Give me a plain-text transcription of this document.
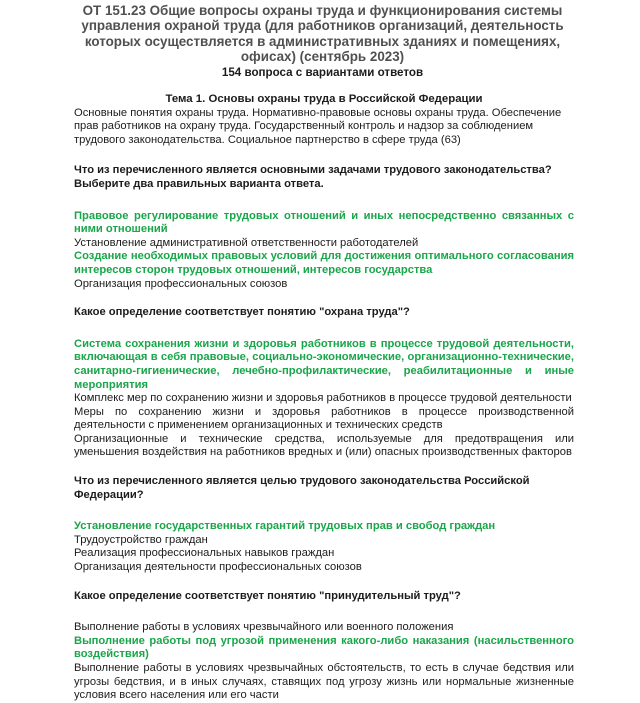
ОТ 151.23 Общие вопросы охраны труда и функционирования системы управления охраной труда (для работников организаций, деятельность которых осуществляется в административных зданиях и помещениях, офисах) (сентябрь 2023)
154 вопроса с вариантами ответов
Тема 1. Основы охраны труда в Российской Федерации
Основные понятия охраны труда. Нормативно-правовые основы охраны труда. Обеспечение прав работников на охрану труда. Государственный контроль и надзор за соблюдением трудового законодательства. Социальное партнерство в сфере труда (63)
Что из перечисленного является основными задачами трудового законодательства? Выберите два правильных варианта ответа.
Правовое регулирование трудовых отношений и иных непосредственно связанных с ними отношений
Установление административной ответственности работодателей
Создание необходимых правовых условий для достижения оптимального согласования интересов сторон трудовых отношений, интересов государства
Организация профессиональных союзов
Какое определение соответствует понятию "охрана труда"?
Система сохранения жизни и здоровья работников в процессе трудовой деятельности, включающая в себя правовые, социально-экономические, организационно-технические, санитарно-гигиенические, лечебно-профилактические, реабилитационные и иные мероприятия
Комплекс мер по сохранению жизни и здоровья работников в процессе трудовой деятельности
Меры по сохранению жизни и здоровья работников в процессе производственной деятельности с применением организационных и технических средств
Организационные и технические средства, используемые для предотвращения или уменьшения воздействия на работников вредных и (или) опасных производственных факторов
Что из перечисленного является целью трудового законодательства Российской Федерации?
Установление государственных гарантий трудовых прав и свобод граждан
Трудоустройство граждан
Реализация профессиональных навыков граждан
Организация деятельности профессиональных союзов
Какое определение соответствует понятию "принудительный труд"?
Выполнение работы в условиях чрезвычайного или военного положения
Выполнение работы под угрозой применения какого-либо наказания (насильственного воздействия)
Выполнение работы в условиях чрезвычайных обстоятельств, то есть в случае бедствия или угрозы бедствия, и в иных случаях, ставящих под угрозу жизнь или нормальные жизненные условия всего населения или его части
